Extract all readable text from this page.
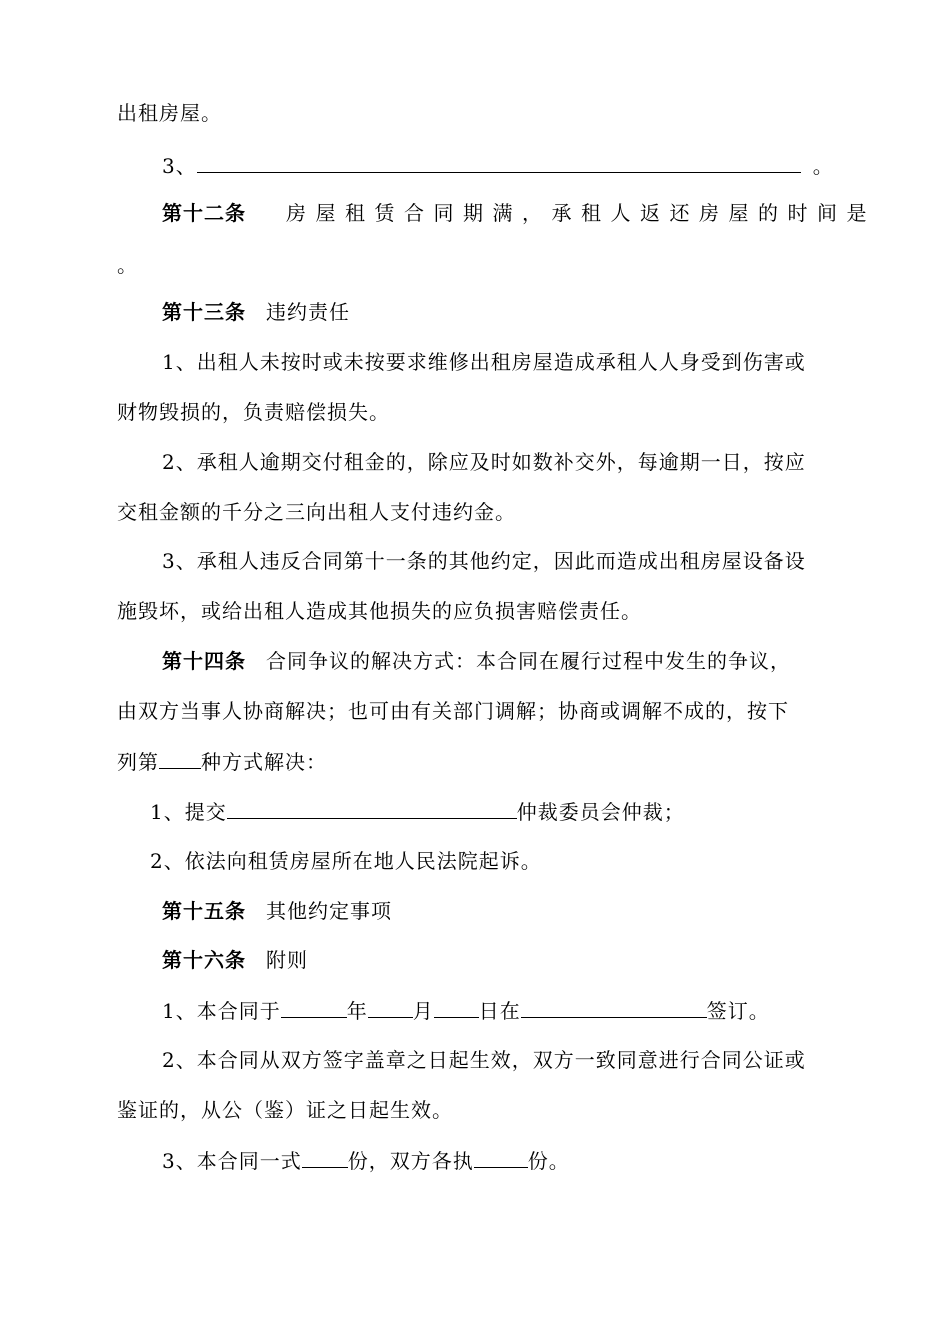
出租房屋。
3、	。
第十二条 房屋租赁合同期满，承租人返还房屋的时间是
。
第十三条 违约责任
1、出租人未按时或未按要求维修出租房屋造成承租人人身受到伤害或
财物毁损的，负责赔偿损失。
2、承租人逾期交付租金的，除应及时如数补交外，每逾期一日，按应
交租金额的千分之三向出租人支付违约金。
3、承租人违反合同第十一条的其他约定，因此而造成出租房屋设备设
施毁坏，或给出租人造成其他损失的应负损害赔偿责任。
第十四条 合同争议的解决方式：本合同在履行过程中发生的争议，
由双方当事人协商解决；也可由有关部门调解；协商或调解不成的，按下
列第 种方式解决：
1、提交	仲裁委员会仲裁；
2、依法向租赁房屋所在地人民法院起诉。
第十五条 其他约定事项
第十六条 附则
1、本合同于	年 月 日在	签订。
2、本合同从双方签字盖章之日起生效，双方一致同意进行合同公证或
鉴证的，从公（鉴）证之日起生效。
3、本合同一式 份，双方各执	份。
